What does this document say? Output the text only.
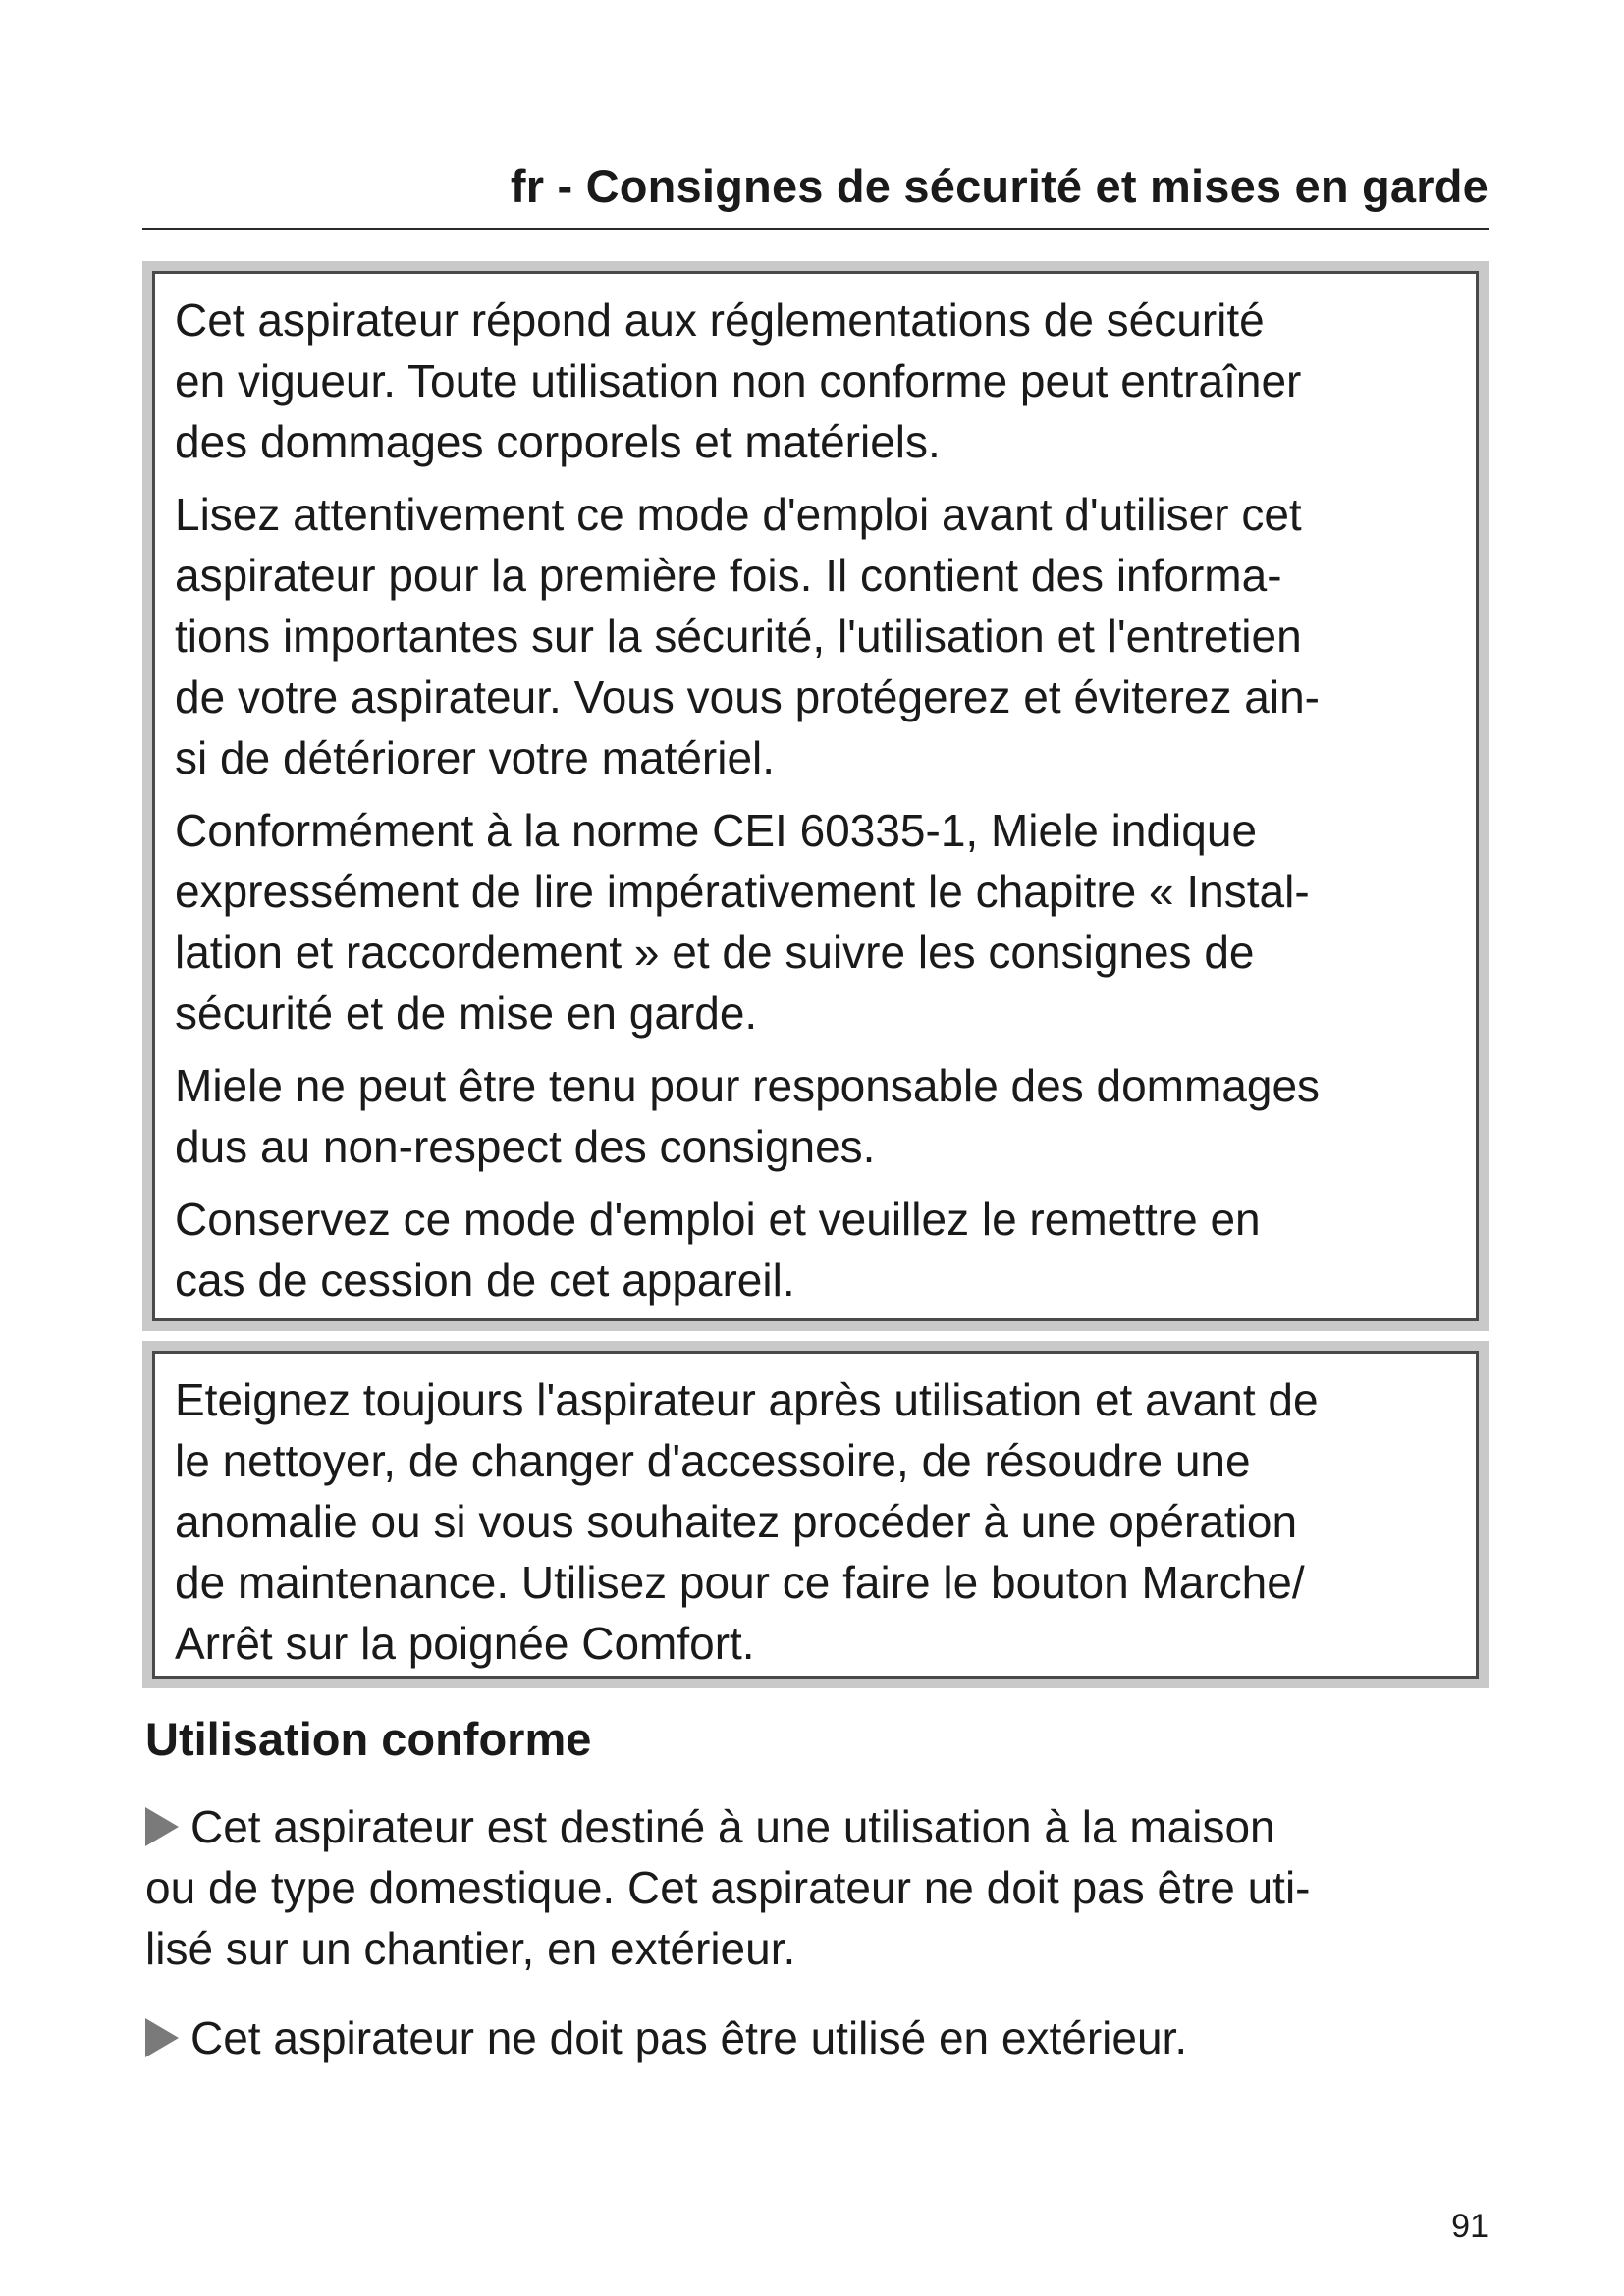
fr - Consignes de sécurité et mises en garde

Cet aspirateur répond aux réglementations de sécurité
en vigueur. Toute utilisation non conforme peut entraîner
des dommages corporels et matériels.

Lisez attentivement ce mode d'emploi avant d'utiliser cet
aspirateur pour la première fois. Il contient des informa-
tions importantes sur la sécurité, l'utilisation et l'entretien
de votre aspirateur. Vous vous protégerez et éviterez ain-
si de détériorer votre matériel.

Conformément à la norme CEI 60335-1, Miele indique
expressément de lire impérativement le chapitre « Instal-
lation et raccordement » et de suivre les consignes de
sécurité et de mise en garde.

Miele ne peut être tenu pour responsable des dommages
dus au non-respect des consignes.

Conservez ce mode d'emploi et veuillez le remettre en
cas de cession de cet appareil.

Eteignez toujours l'aspirateur après utilisation et avant de
le nettoyer, de changer d'accessoire, de résoudre une
anomalie ou si vous souhaitez procéder à une opération
de maintenance. Utilisez pour ce faire le bouton Marche/
Arrêt sur la poignée Comfort.

Utilisation conforme
Cet aspirateur est destiné à une utilisation à la maison
ou de type domestique. Cet aspirateur ne doit pas être uti-
lisé sur un chantier, en extérieur.
Cet aspirateur ne doit pas être utilisé en extérieur.
91
